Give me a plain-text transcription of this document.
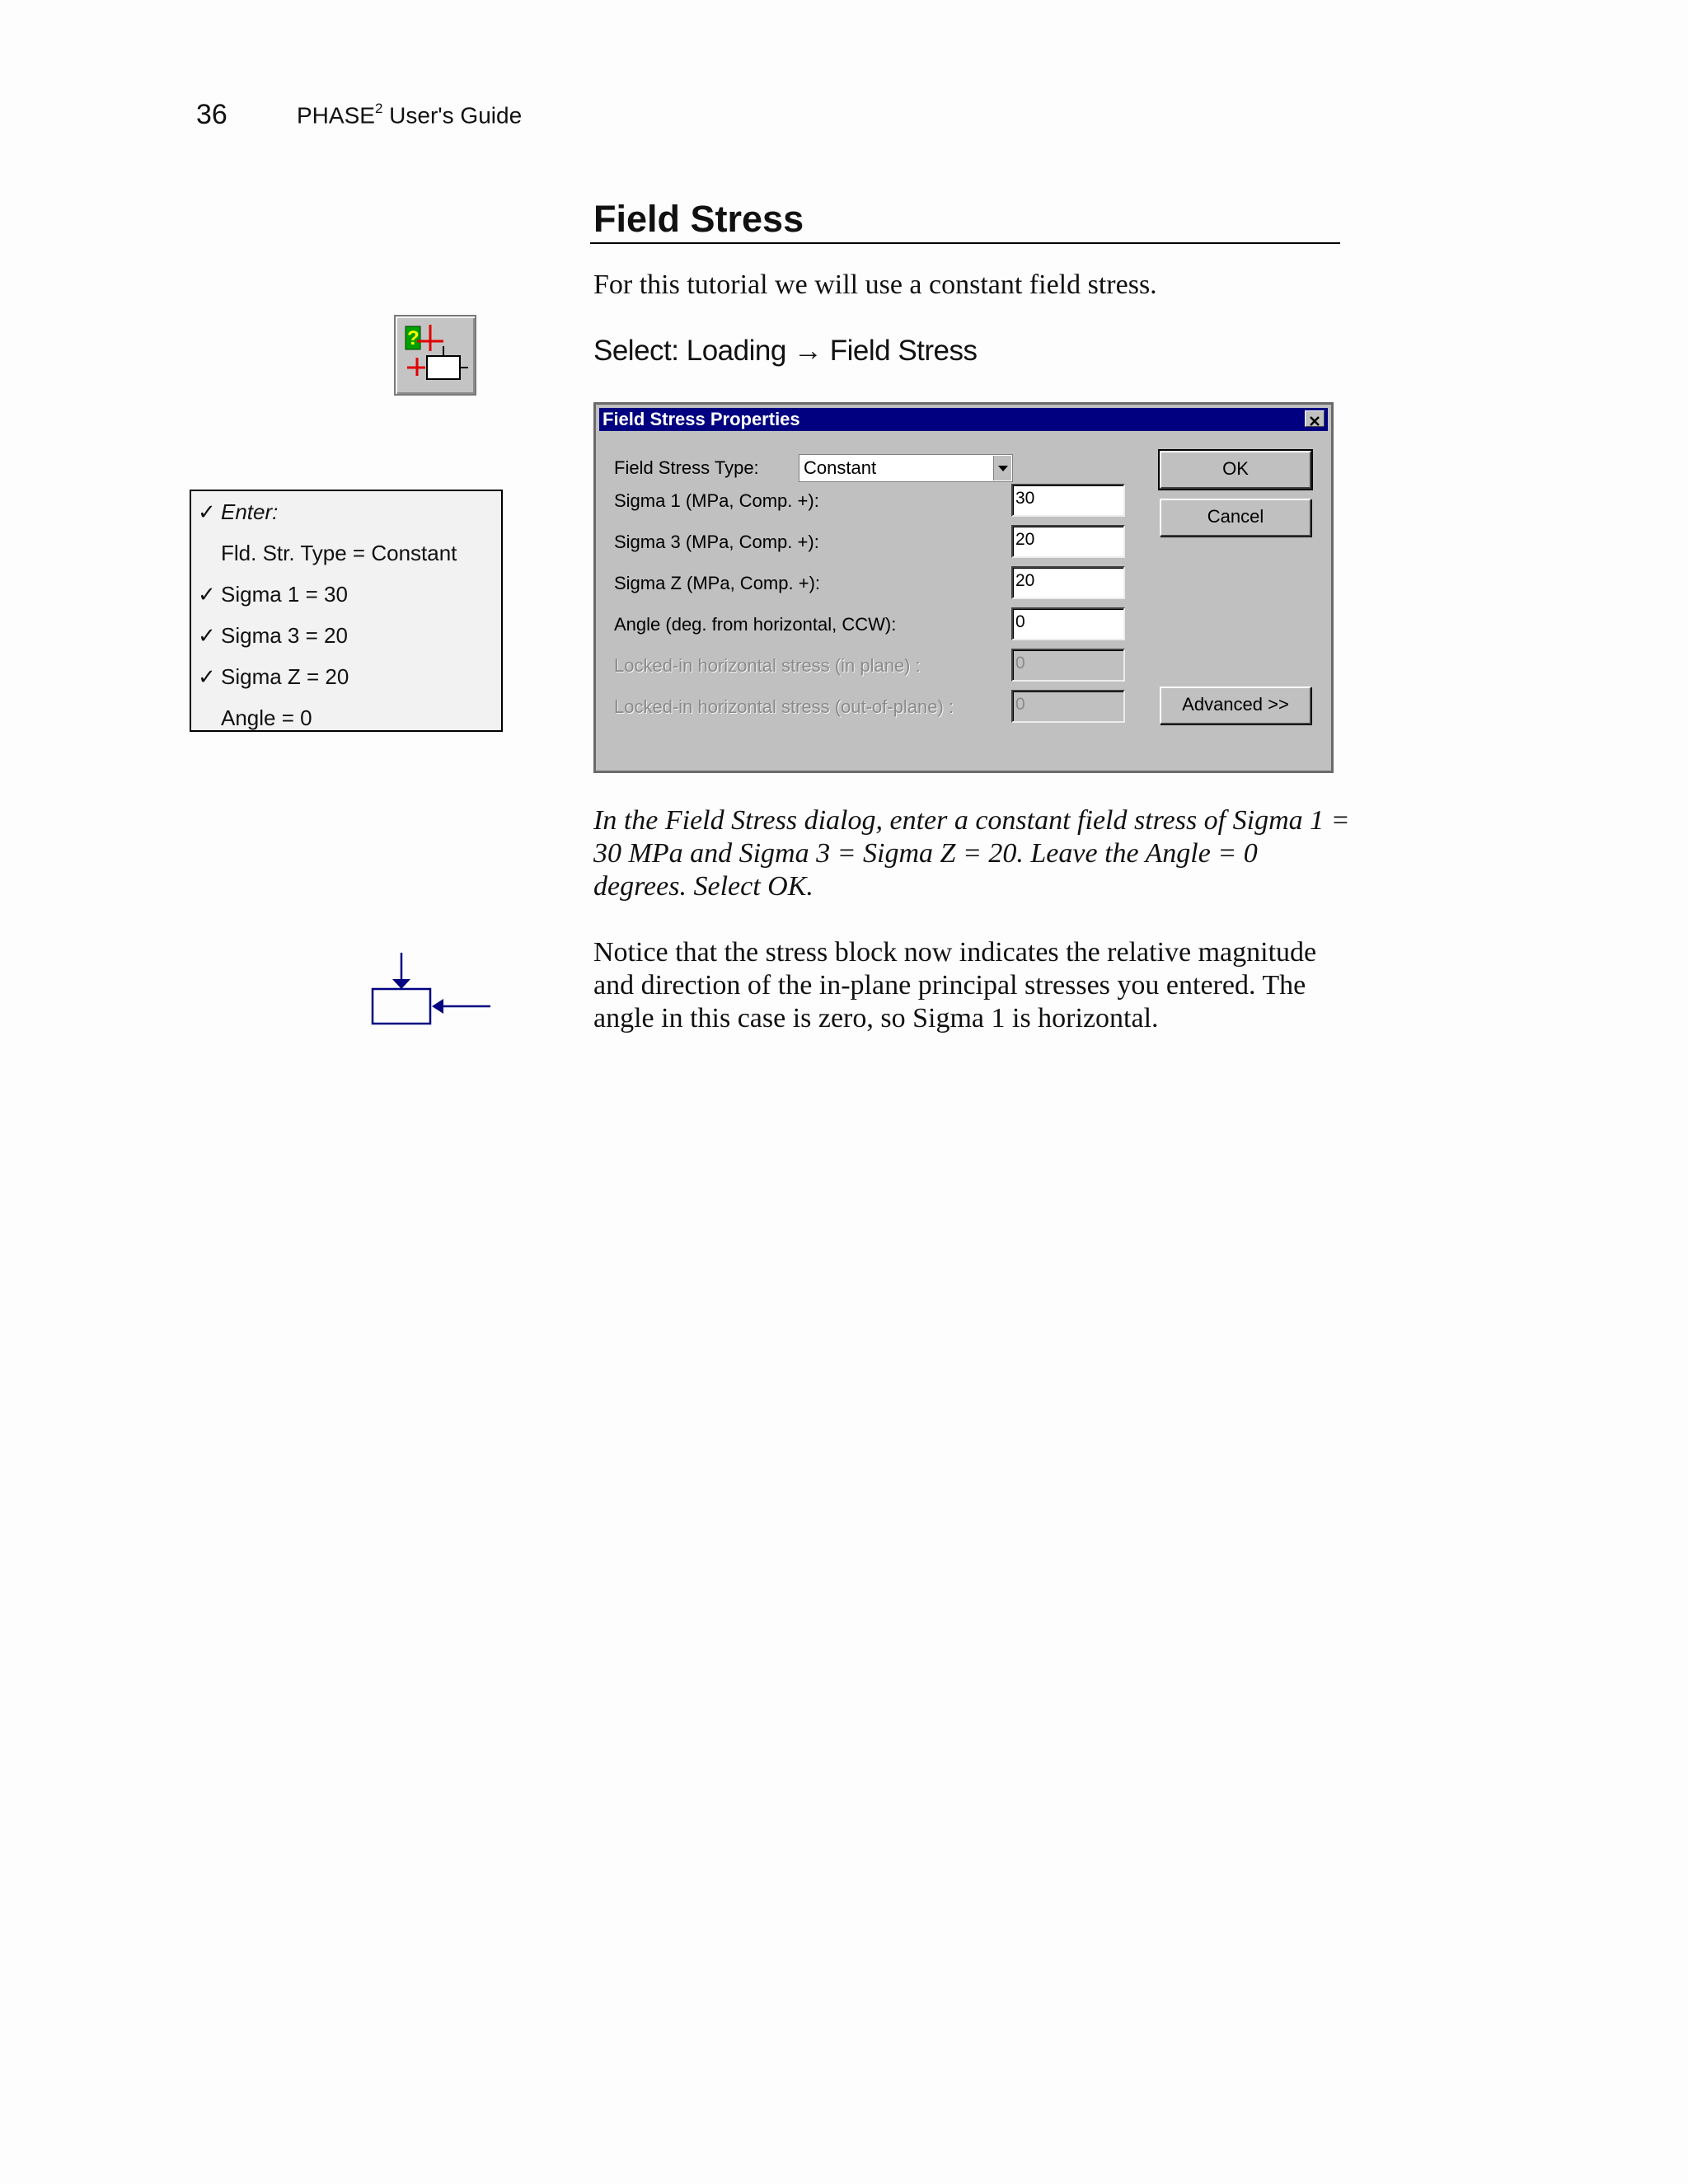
36	PHASE$^2$ User's Guide
Field Stress
For this tutorial we will use a constant field stress.
Select: Loading → Field Stress
?
✓ Enter:
Fld. Str. Type = Constant
✓ Sigma 1 = 30
✓ Sigma 3 = 20
✓ Sigma Z = 20
Angle = 0
Field Stress Properties
Field Stress Type: Constant
Sigma 1 (MPa, Comp. +):	30
Sigma 3 (MPa, Comp. +):	20
Sigma Z (MPa, Comp. +):	20
Angle (deg. from horizontal, CCW):	0
Locked-in horizontal stress (in plane) :	0
Locked-in horizontal stress (out-of-plane) :	0
OK
Cancel
Advanced >>
In the Field Stress dialog, enter a constant field stress of Sigma 1 = 30 MPa and Sigma 3 = Sigma Z = 20. Leave the Angle = 0 degrees. Select OK.
Notice that the stress block now indicates the relative magnitude and direction of the in-plane principal stresses you entered. The angle in this case is zero, so Sigma 1 is horizontal.
